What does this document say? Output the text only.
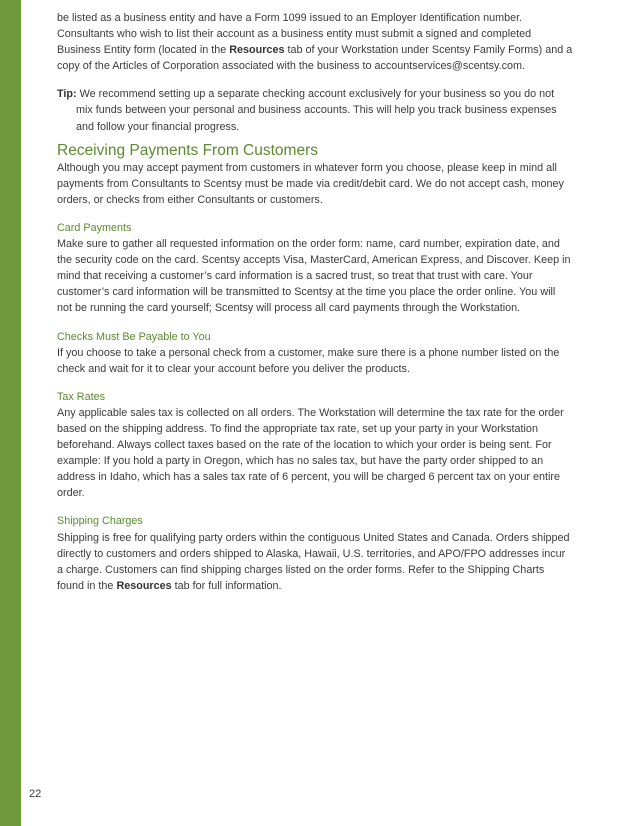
be listed as a business entity and have a Form 1099 issued to an Employer Identification number. Consultants who wish to list their account as a business entity must submit a signed and completed Business Entity form (located in the Resources tab of your Workstation under Scentsy Family Forms) and a copy of the Articles of Corporation associated with the business to accountservices@scentsy.com.

Tip: We recommend setting up a separate checking account exclusively for your business so you do not mix funds between your personal and business accounts. This will help you track business expenses and follow your financial progress.

Receiving Payments From Customers

Although you may accept payment from customers in whatever form you choose, please keep in mind all payments from Consultants to Scentsy must be made via credit/debit card. We do not accept cash, money orders, or checks from either Consultants or customers.

Card Payments

Make sure to gather all requested information on the order form: name, card number, expiration date, and the security code on the card. Scentsy accepts Visa, MasterCard, American Express, and Discover. Keep in mind that receiving a customer’s card information is a sacred trust, so treat that trust with care. Your customer’s card information will be transmitted to Scentsy at the time you place the order online. You will not be running the card yourself; Scentsy will process all card payments through the Workstation.

Checks Must Be Payable to You

If you choose to take a personal check from a customer, make sure there is a phone number listed on the check and wait for it to clear your account before you deliver the products.

Tax Rates

Any applicable sales tax is collected on all orders. The Workstation will determine the tax rate for the order based on the shipping address. To find the appropriate tax rate, set up your party in your Workstation beforehand. Always collect taxes based on the rate of the location to which your order is being sent. For example: If you hold a party in Oregon, which has no sales tax, but have the party order shipped to an address in Idaho, which has a sales tax rate of 6 percent, you will be charged 6 percent tax on your entire order.

Shipping Charges

Shipping is free for qualifying party orders within the contiguous United States and Canada. Orders shipped directly to customers and orders shipped to Alaska, Hawaii, U.S. territories, and APO/FPO addresses incur a charge. Customers can find shipping charges listed on the order forms. Refer to the Shipping Charts found in the Resources tab for full information.

22
